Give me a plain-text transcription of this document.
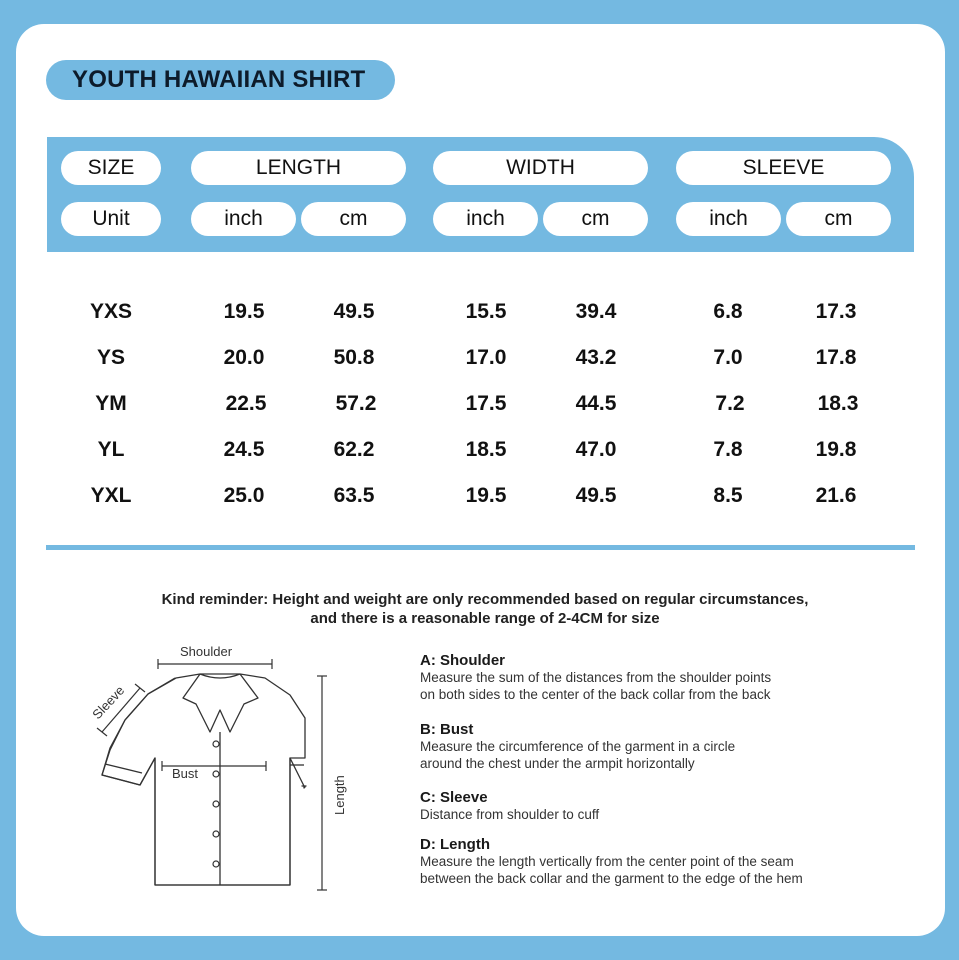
YOUTH HAWAIIAN SHIRT
SIZE	LENGTH	WIDTH	SLEEVE
Unit	inch	cm	inch	cm	inch	cm
YXS	19.5	49.5	15.5	39.4	6.8	17.3
YS	20.0	50.8	17.0	43.2	7.0	17.8
YM	22.5	57.2	17.5	44.5	7.2	18.3
YL	24.5	62.2	18.5	47.0	7.8	19.8
YXL	25.0	63.5	19.5	49.5	8.5	21.6
Kind reminder: Height and weight are only recommended based on regular circumstances,
and there is a reasonable range of 2-4CM for size
Shoulder
Sleeve
Bust
Length
A: Shoulder
Measure the sum of the distances from the shoulder points
on both sides to the center of the back collar from the back
B: Bust
Measure the circumference of the garment in a circle
around the chest under the armpit horizontally
C: Sleeve
Distance from shoulder to cuff
D: Length
Measure the length vertically from the center point of the seam
between the back collar and the garment to the edge of the hem
